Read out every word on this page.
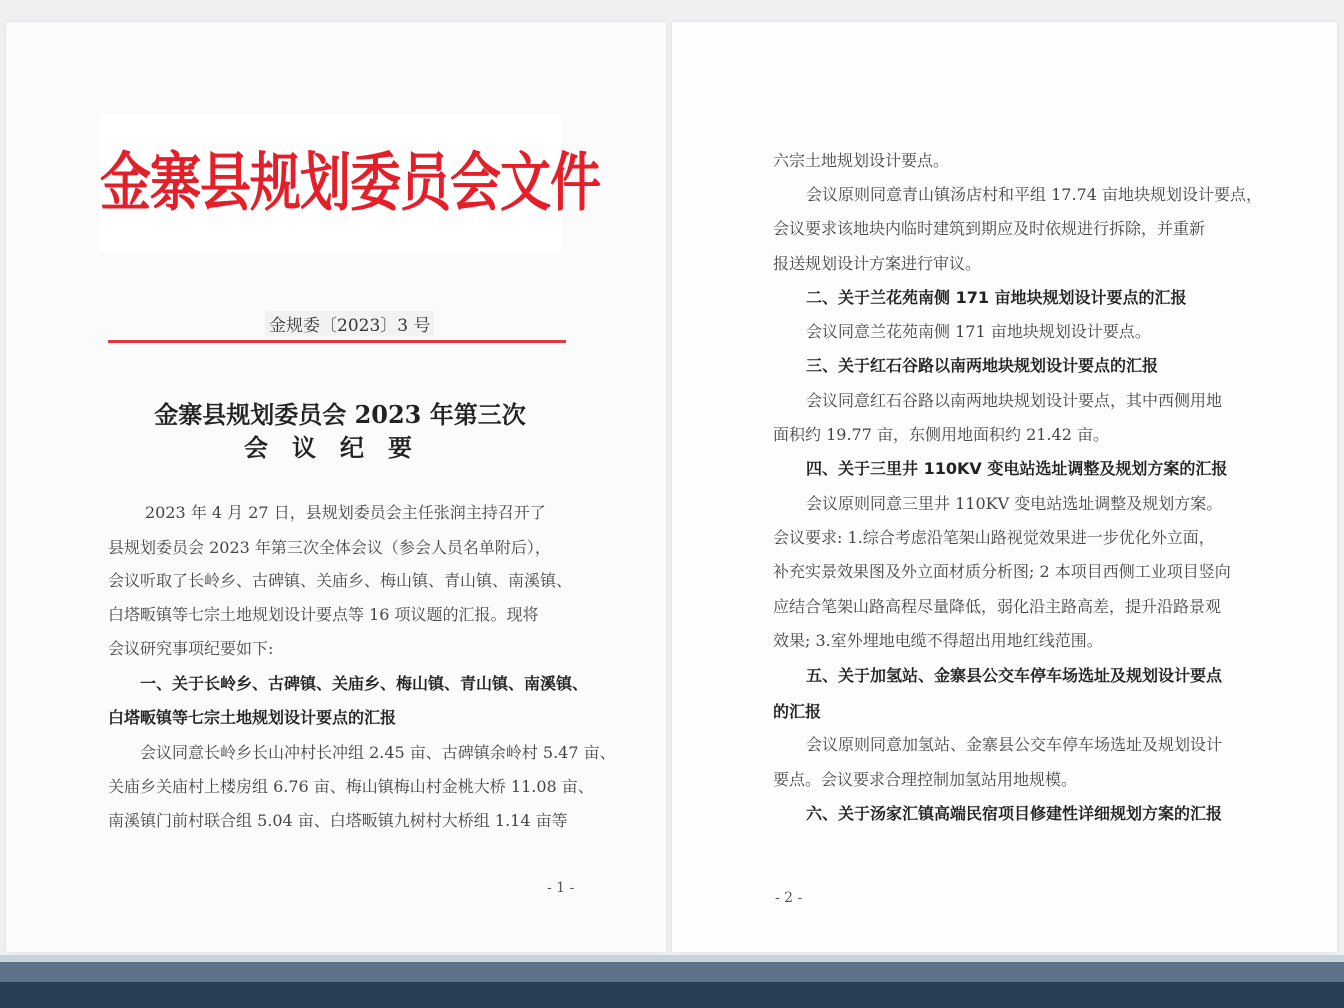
金寨县规划委员会文件
金规委〔2023〕3 号
金寨县规划委员会 2023 年第三次
会议纪要
2023 年 4 月 27 日，县规划委员会主任张润主持召开了
县规划委员会 2023 年第三次全体会议（参会人员名单附后），
会议听取了长岭乡、古碑镇、关庙乡、梅山镇、青山镇、南溪镇、
白塔畈镇等七宗土地规划设计要点等 16 项议题的汇报。现将
会议研究事项纪要如下:
一、关于长岭乡、古碑镇、关庙乡、梅山镇、青山镇、南溪镇、
白塔畈镇等七宗土地规划设计要点的汇报
会议同意长岭乡长山冲村长冲组 2.45 亩、古碑镇余岭村 5.47 亩、
关庙乡关庙村上楼房组 6.76 亩、梅山镇梅山村金桃大桥 11.08 亩、
南溪镇门前村联合组 5.04 亩、白塔畈镇九树村大桥组 1.14 亩等
- 1 -
六宗土地规划设计要点。
会议原则同意青山镇汤店村和平组 17.74 亩地块规划设计要点，
会议要求该地块内临时建筑到期应及时依规进行拆除，并重新
报送规划设计方案进行审议。
二、关于兰花苑南侧 171 亩地块规划设计要点的汇报
会议同意兰花苑南侧 171 亩地块规划设计要点。
三、关于红石谷路以南两地块规划设计要点的汇报
会议同意红石谷路以南两地块规划设计要点，其中西侧用地
面积约 19.77 亩，东侧用地面积约 21.42 亩。
四、关于三里井 110KV 变电站选址调整及规划方案的汇报
会议原则同意三里井 110KV 变电站选址调整及规划方案。
会议要求: 1.综合考虑沿笔架山路视觉效果进一步优化外立面，
补充实景效果图及外立面材质分析图; 2 本项目西侧工业项目竖向
应结合笔架山路高程尽量降低，弱化沿主路高差，提升沿路景观
效果; 3.室外埋地电缆不得超出用地红线范围。
五、关于加氢站、金寨县公交车停车场选址及规划设计要点
的汇报
会议原则同意加氢站、金寨县公交车停车场选址及规划设计
要点。会议要求合理控制加氢站用地规模。
六、关于汤家汇镇高端民宿项目修建性详细规划方案的汇报
- 2 -
